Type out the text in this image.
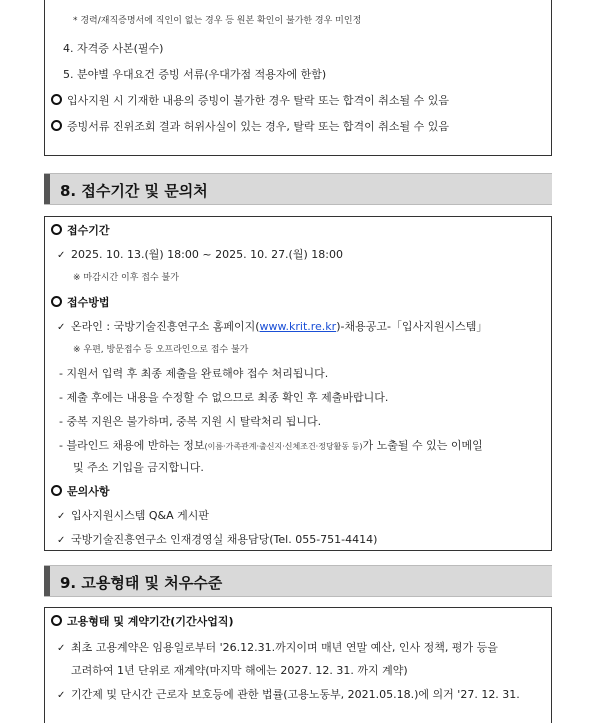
* 경력/재직증명서에 직인이 없는 경우 등 원본 확인이 불가한 경우 미인정
4. 자격증 사본(필수)
5. 분야별 우대요건 증빙 서류(우대가점 적용자에 한함)
입사지원 시 기재한 내용의 증빙이 불가한 경우 탈락 또는 합격이 취소될 수 있음
증빙서류 진위조회 결과 허위사실이 있는 경우, 탈락 또는 합격이 취소될 수 있음
8. 접수기간 및 문의처
접수기간
✓ 2025. 10. 13.(월) 18:00 ~ 2025. 10. 27.(월) 18:00
※ 마감시간 이후 접수 불가
접수방법
✓ 온라인 : 국방기술진흥연구소 홈페이지(www.krit.re.kr)-채용공고-「입사지원시스템」
※ 우편, 방문접수 등 오프라인으로 접수 불가
- 지원서 입력 후 최종 제출을 완료해야 접수 처리됩니다.
- 제출 후에는 내용을 수정할 수 없으므로 최종 확인 후 제출바랍니다.
- 중복 지원은 불가하며, 중복 지원 시 탈락처리 됩니다.
- 블라인드 채용에 반하는 정보(이름·가족관계·출신지·신체조건·정당활동 등)가 노출될 수 있는 이메일
및 주소 기입을 금지합니다.
문의사항
✓ 입사지원시스템 Q&A 게시판
✓ 국방기술진흥연구소 인재경영실 채용담당(Tel. 055-751-4414)
9. 고용형태 및 처우수준
고용형태 및 계약기간(기간사업직)
✓ 최초 고용계약은 임용일로부터 '26.12.31.까지이며 매년 연말 예산, 인사 정책, 평가 등을
고려하여 1년 단위로 재계약(마지막 해에는 2027. 12. 31. 까지 계약)
✓ 기간제 및 단시간 근로자 보호등에 관한 법률(고용노동부, 2021.05.18.)에 의거 '27. 12. 31.
